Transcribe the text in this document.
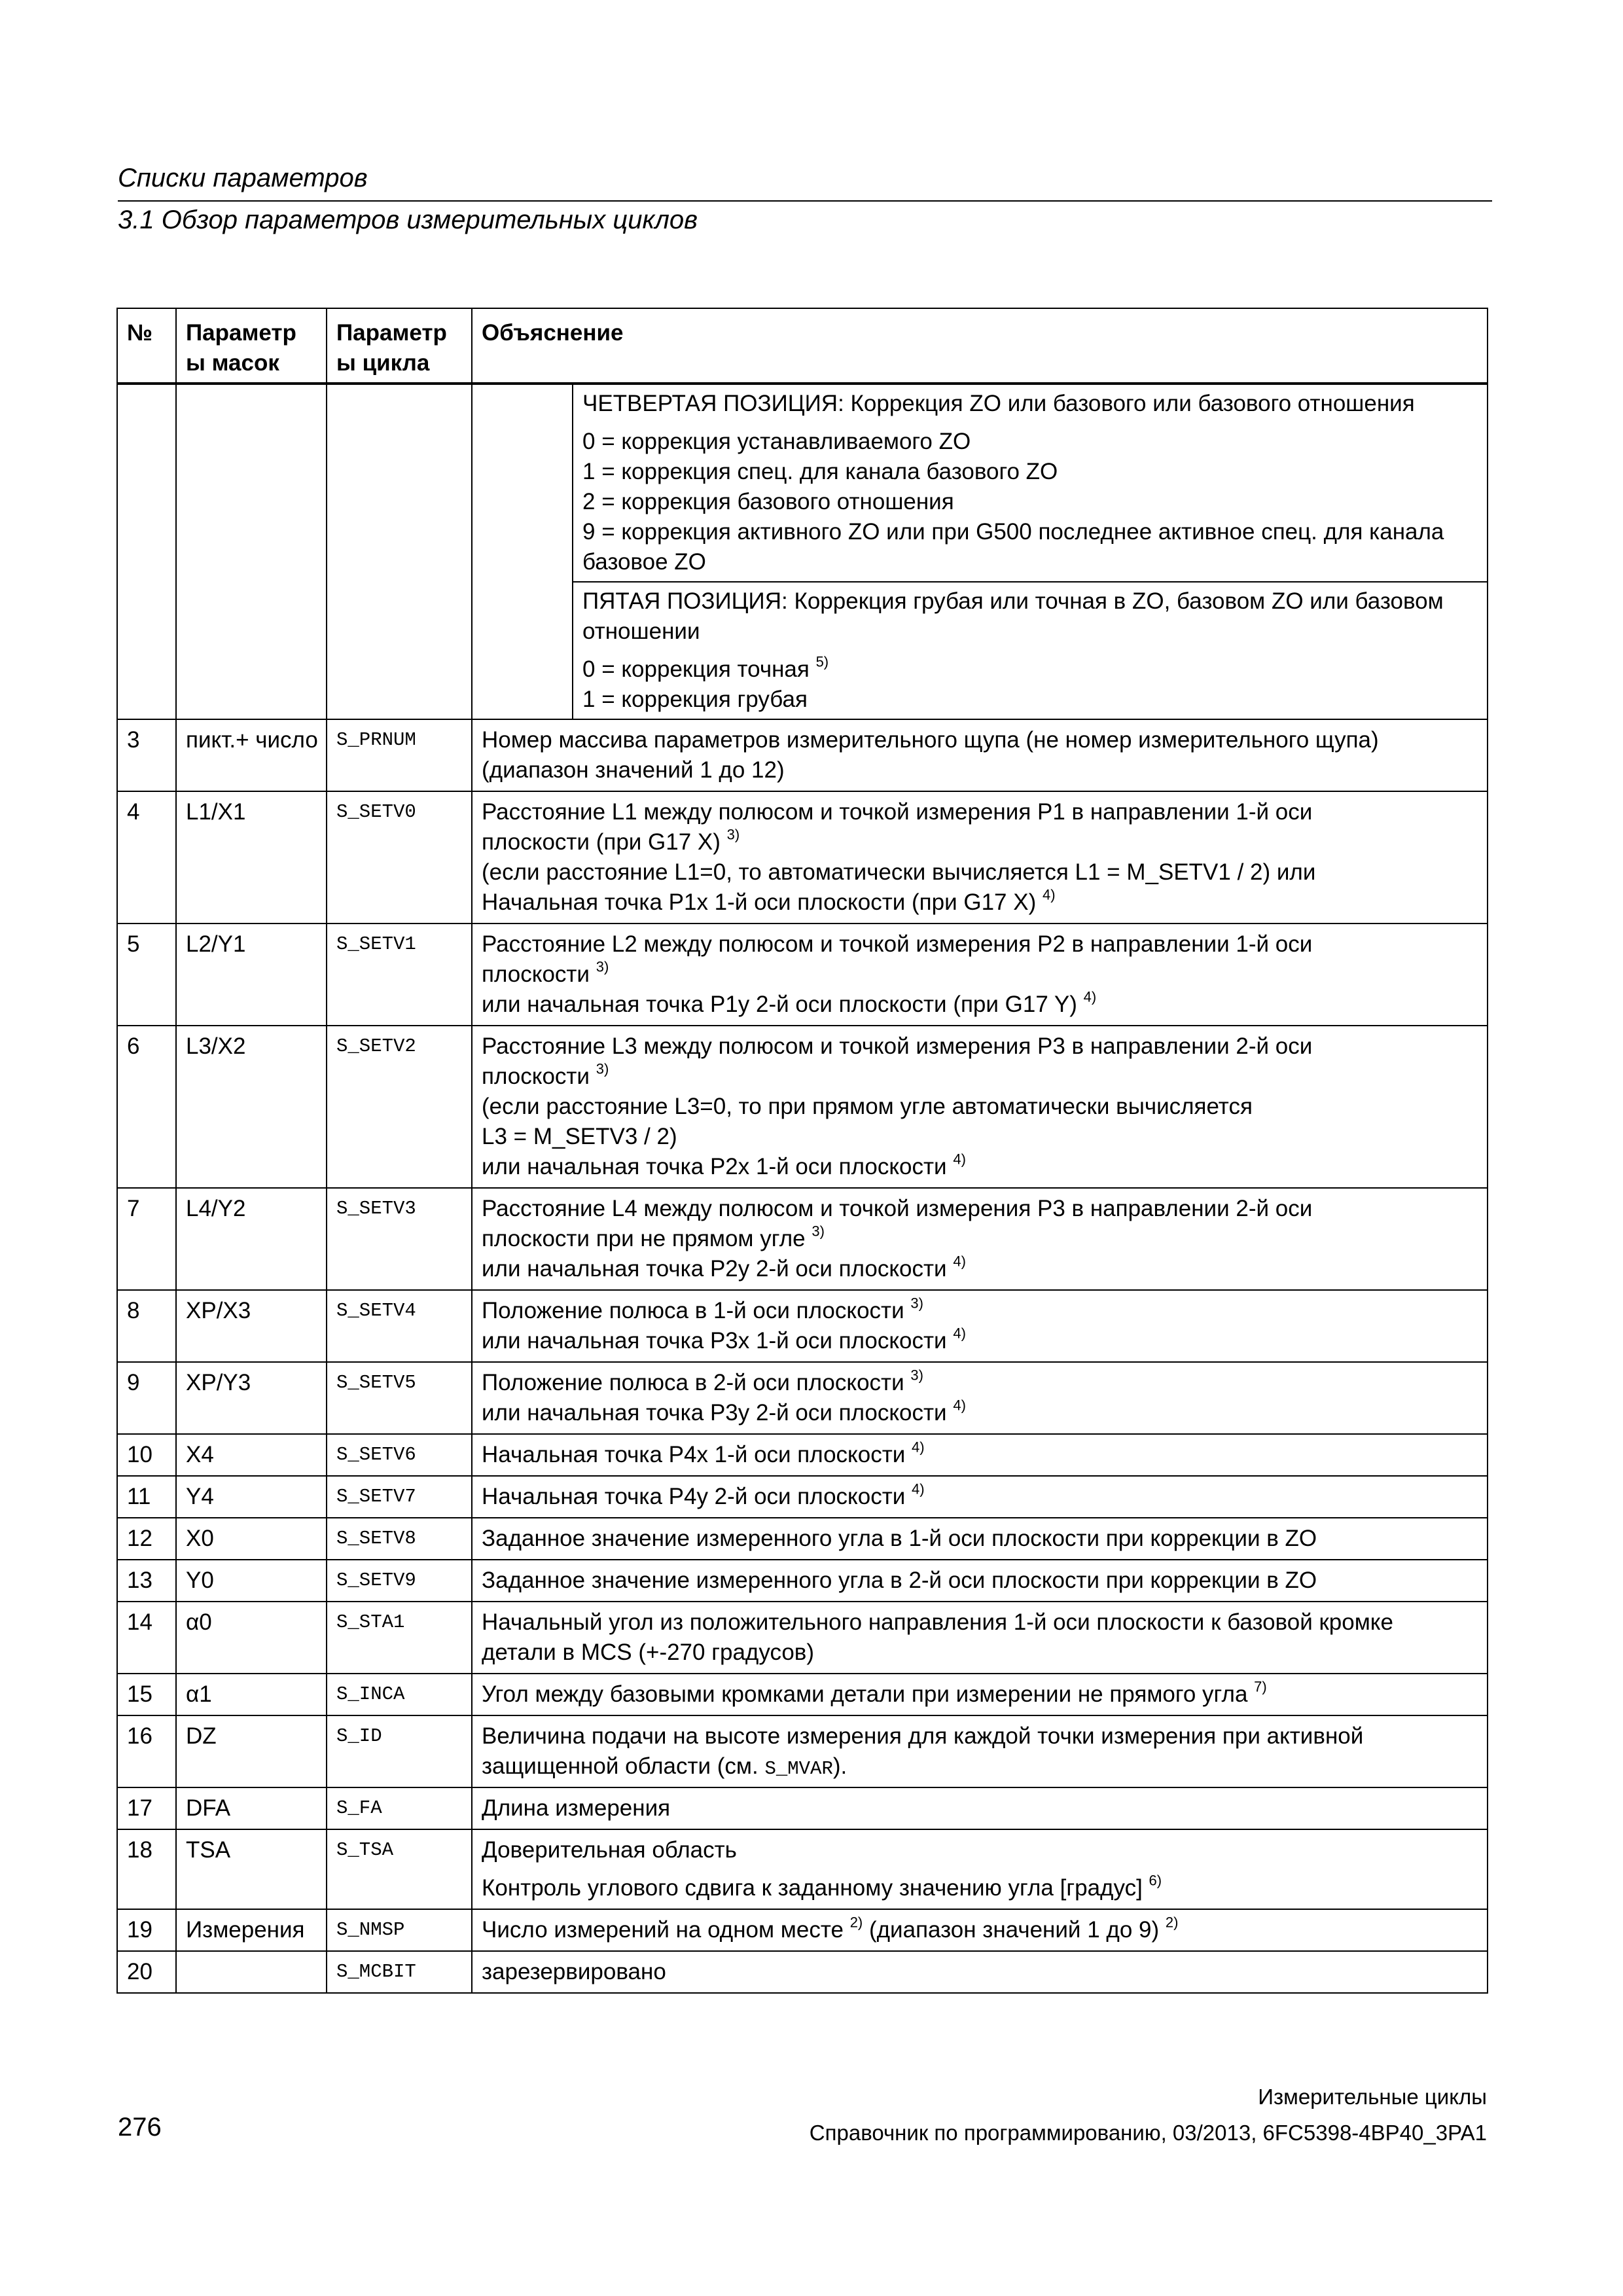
Списки параметров
3.1 Обзор параметров измерительных циклов
№	Параметр ы масок	Параметр ы цикла	Объяснение

ЧЕТВЕРТАЯ ПОЗИЦИЯ: Коррекция ZO или базового или базового отношения
0 = коррекция устанавливаемого ZO
1 = коррекция спец. для канала базового ZO
2 = коррекция базового отношения
9 = коррекция активного ZO или при G500 последнее активное спец. для канала базовое ZO

ПЯТАЯ ПОЗИЦИЯ: Коррекция грубая или точная в ZO, базовом ZO или базовом отношении
0 = коррекция точная $^{5)}$
1 = коррекция грубая

3	пикт.+ число	S_PRNUM	Номер массива параметров измерительного щупа (не номер измерительного щупа)
(диапазон значений 1 до 12)

4	L1/X1	S_SETV0	Расстояние L1 между полюсом и точкой измерения P1 в направлении 1-й оси
плоскости (при G17 X) $^{3)}$
(если расстояние L1=0, то автоматически вычисляется L1 = M_SETV1 / 2) или
Начальная точка P1x 1-й оси плоскости (при G17 X) $^{4)}$

5	L2/Y1	S_SETV1	Расстояние L2 между полюсом и точкой измерения P2 в направлении 1-й оси
плоскости $^{3)}$
или начальная точка P1y 2-й оси плоскости (при G17 Y) $^{4)}$

6	L3/X2	S_SETV2	Расстояние L3 между полюсом и точкой измерения P3 в направлении 2-й оси
плоскости $^{3)}$
(если расстояние L3=0, то при прямом угле автоматически вычисляется
L3 = M_SETV3 / 2)
или начальная точка P2x 1-й оси плоскости $^{4)}$

7	L4/Y2	S_SETV3	Расстояние L4 между полюсом и точкой измерения P3 в направлении 2-й оси
плоскости при не прямом угле $^{3)}$
или начальная точка P2y 2-й оси плоскости $^{4)}$

8	XP/X3	S_SETV4	Положение полюса в 1-й оси плоскости $^{3)}$
или начальная точка P3x 1-й оси плоскости $^{4)}$

9	XP/Y3	S_SETV5	Положение полюса в 2-й оси плоскости $^{3)}$
или начальная точка P3y 2-й оси плоскости $^{4)}$

10	X4	S_SETV6	Начальная точка P4x 1-й оси плоскости $^{4)}$

11	Y4	S_SETV7	Начальная точка P4y 2-й оси плоскости $^{4)}$

12	X0	S_SETV8	Заданное значение измеренного угла в 1-й оси плоскости при коррекции в ZO

13	Y0	S_SETV9	Заданное значение измеренного угла в 2-й оси плоскости при коррекции в ZO

14	α0	S_STA1	Начальный угол из положительного направления 1-й оси плоскости к базовой кромке
детали в MCS (+-270 градусов)

15	α1	S_INCA	Угол между базовыми кромками детали при измерении не прямого угла $^{7)}$

16	DZ	S_ID	Величина подачи на высоте измерения для каждой точки измерения при активной
защищенной области (см. S_MVAR).

17	DFA	S_FA	Длина измерения

18	TSA	S_TSA	Доверительная область
Контроль углового сдвига к заданному значению угла [градус] $^{6)}$

19	Измерения	S_NMSP	Число измерений на одном месте $^{2)}$ (диапазон значений 1 до 9) $^{2)}$

20		S_MCBIT	зарезервировано
Измерительные циклы
276	Справочник по программированию, 03/2013, 6FC5398-4BP40_3PA1
